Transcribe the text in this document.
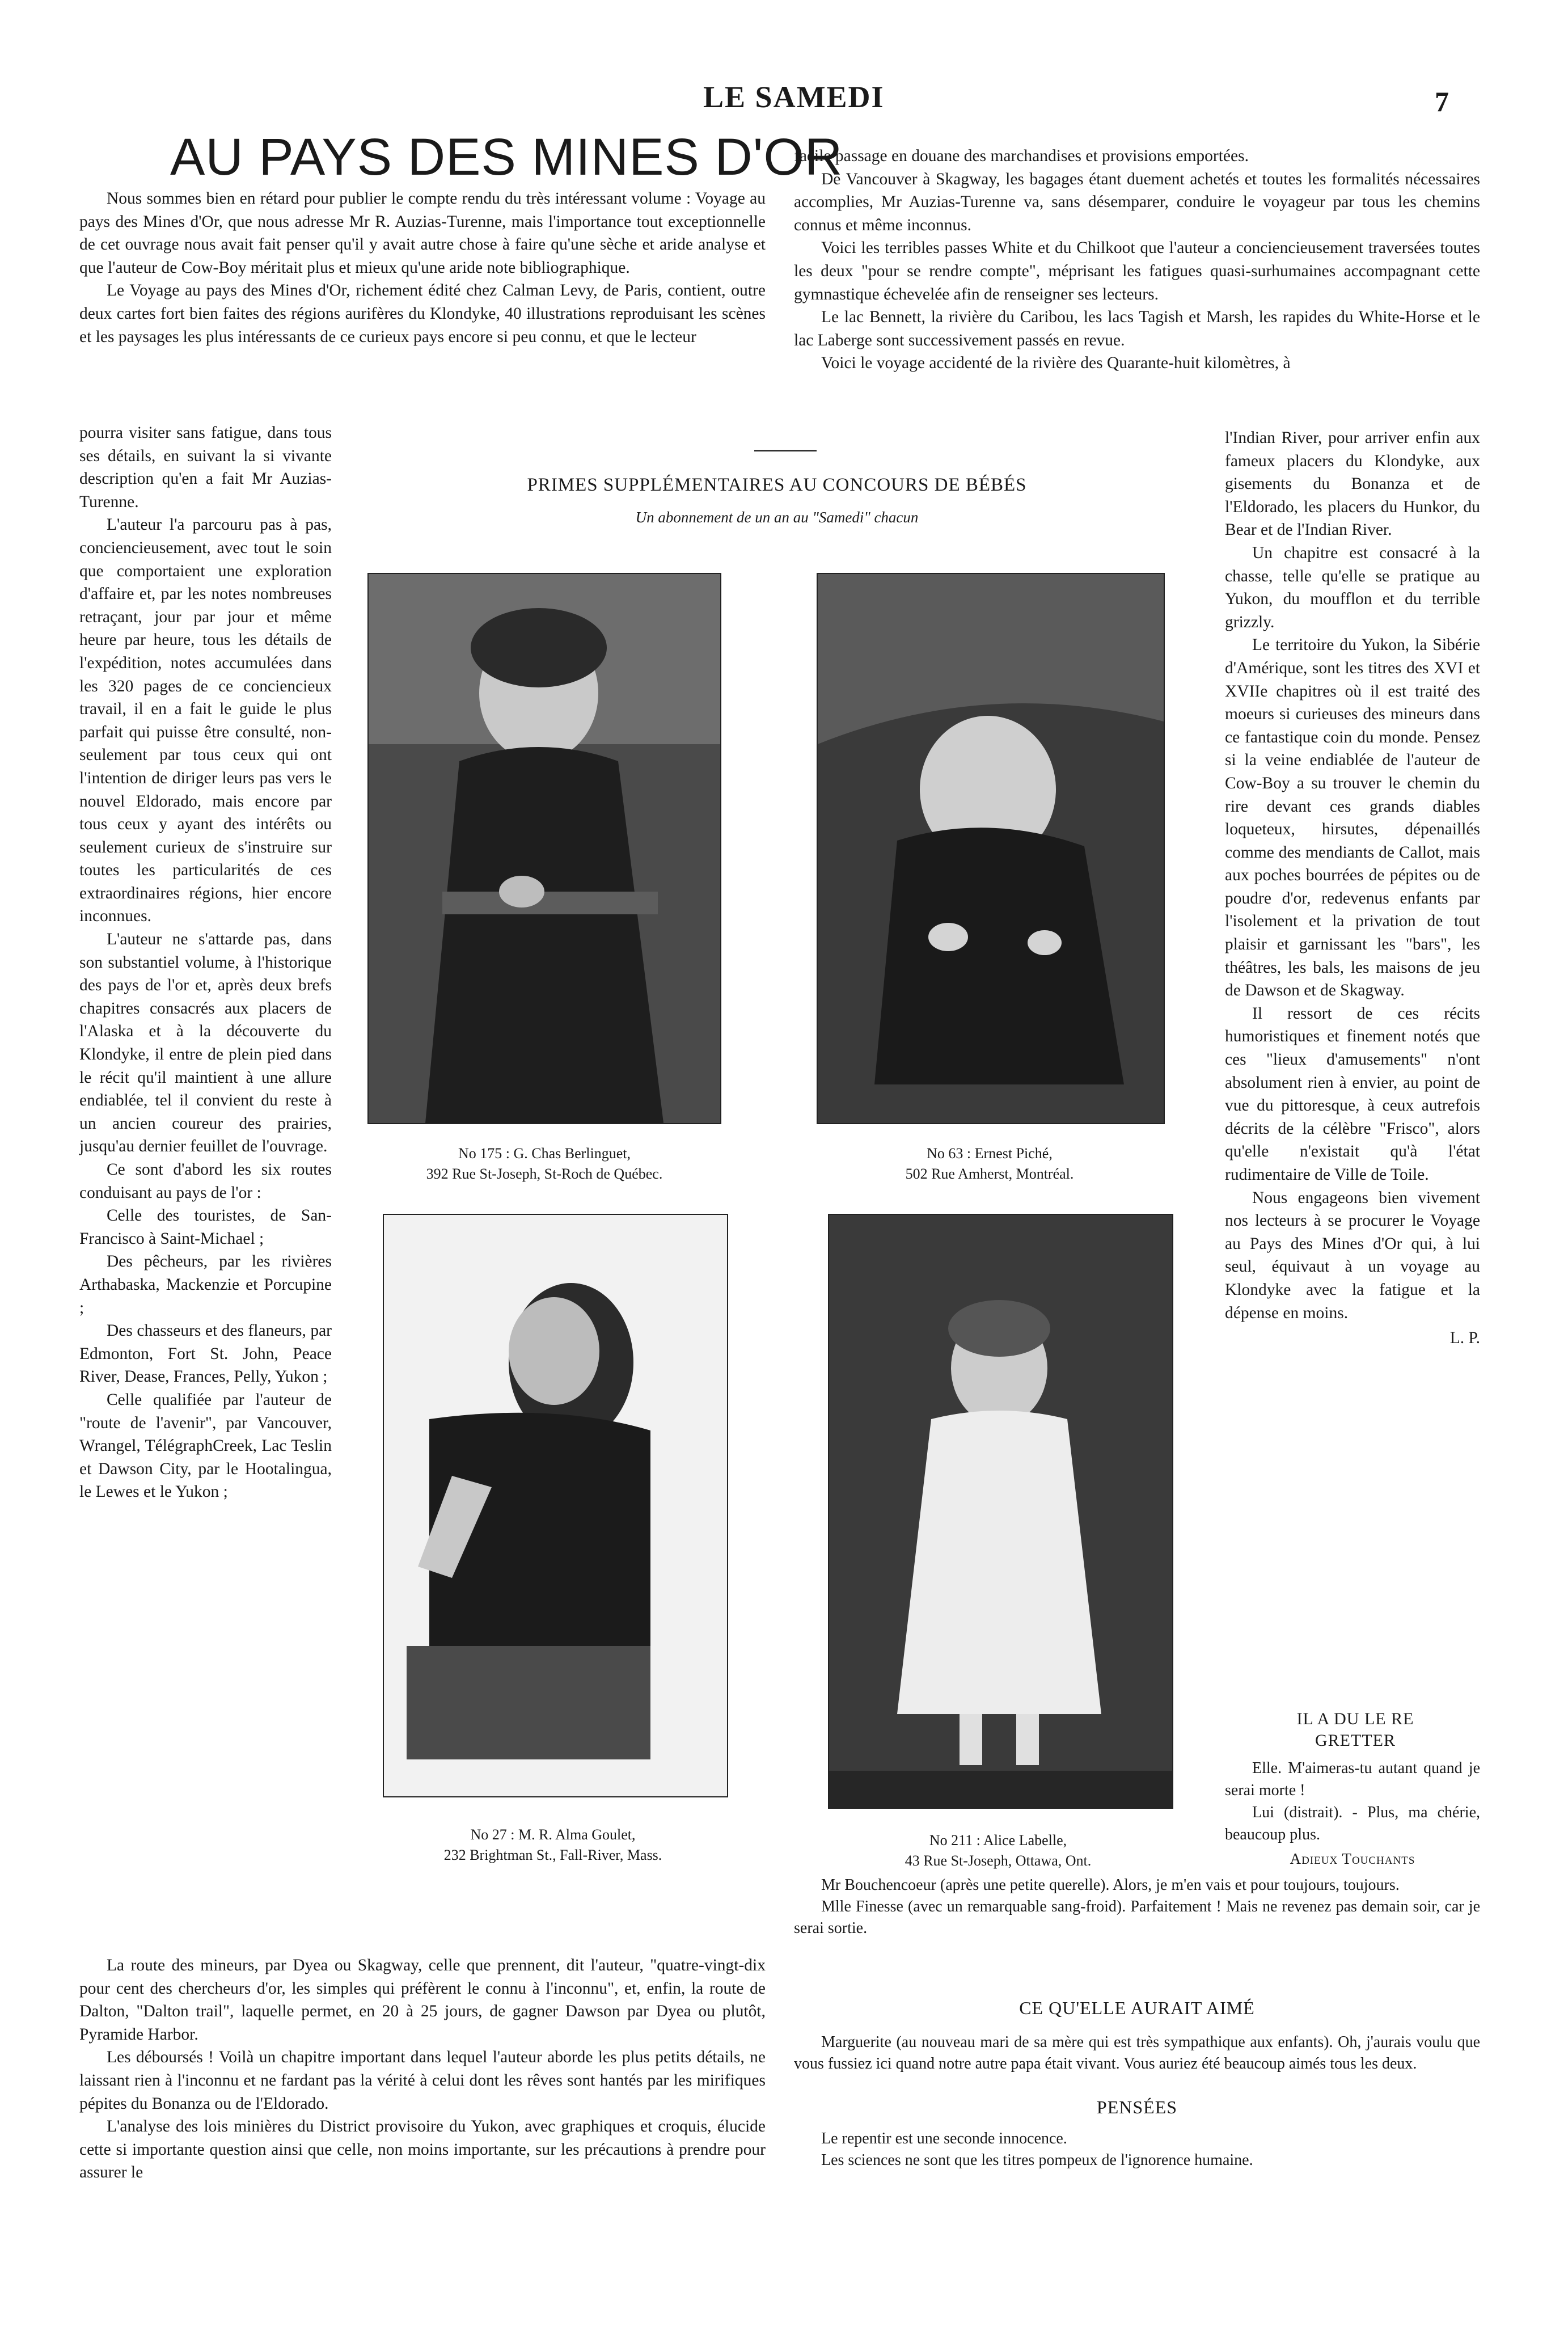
LE SAMEDI	7
AU PAYS DES MINES D'OR

Nous sommes bien en rétard pour publier le compte rendu du très intéressant volume : Voyage au pays des Mines d'Or, que nous adresse Mr R. Auzias-Turenne, mais l'importance tout exceptionnelle de cet ouvrage nous avait fait penser qu'il y avait autre chose à faire qu'une sèche et aride analyse et que l'auteur de Cow-Boy méritait plus et mieux qu'une aride note bibliographique.

Le Voyage au pays des Mines d'Or, richement édité chez Calman Levy, de Paris, contient, outre deux cartes fort bien faites des régions aurifères du Klondyke, 40 illustrations reproduisant les scènes et les paysages les plus intéressants de ce curieux pays encore si peu connu, et que le lecteur

pourra visiter sans fatigue, dans tous ses détails, en suivant la si vivante description qu'en a fait Mr Auzias-Turenne.

L'auteur l'a parcouru pas à pas, conciencieusement, avec tout le soin que comportaient une exploration d'affaire et, par les notes nombreuses retraçant, jour par jour et même heure par heure, tous les détails de l'expédition, notes accumulées dans les 320 pages de ce conciencieux travail, il en a fait le guide le plus parfait qui puisse être consulté, non-seulement par tous ceux qui ont l'intention de diriger leurs pas vers le nouvel Eldorado, mais encore par tous ceux y ayant des intérêts ou seulement curieux de s'instruire sur toutes les particularités de ces extraordinaires régions, hier encore inconnues.

L'auteur ne s'attarde pas, dans son substantiel volume, à l'historique des pays de l'or et, après deux brefs chapitres consacrés aux placers de l'Alaska et à la découverte du Klondyke, il entre de plein pied dans le récit qu'il maintient à une allure endiablée, tel il convient du reste à un ancien coureur des prairies, jusqu'au dernier feuillet de l'ouvrage.

Ce sont d'abord les six routes conduisant au pays de l'or :

Celle des touristes, de San-Francisco à Saint-Michael ;

Des pêcheurs, par les rivières Arthabaska, Mackenzie et Porcupine ;

Des chasseurs et des flaneurs, par Edmonton, Fort St. John, Peace River, Dease, Frances, Pelly, Yukon ;

Celle qualifiée par l'auteur de "route de l'avenir", par Vancouver, Wrangel, TélégraphCreek, Lac Teslin et Dawson City, par le Hootalingua, le Lewes et le Yukon ;

La route des mineurs, par Dyea ou Skagway, celle que prennent, dit l'auteur, "quatre-vingt-dix pour cent des chercheurs d'or, les simples qui préfèrent le connu à l'inconnu", et, enfin, la route de Dalton, "Dalton trail", laquelle permet, en 20 à 25 jours, de gagner Dawson par Dyea ou plutôt, Pyramide Harbor.

Les déboursés ! Voilà un chapitre important dans lequel l'auteur aborde les plus petits détails, ne laissant rien à l'inconnu et ne fardant pas la vérité à celui dont les rêves sont hantés par les mirifiques pépites du Bonanza ou de l'Eldorado.

L'analyse des lois minières du District provisoire du Yukon, avec graphiques et croquis, élucide cette si importante question ainsi que celle, non moins importante, sur les précautions à prendre pour assurer le

facile passage en douane des marchandises et provisions emportées.

De Vancouver à Skagway, les bagages étant duement achetés et toutes les formalités nécessaires accomplies, Mr Auzias-Turenne va, sans désemparer, conduire le voyageur par tous les chemins connus et même inconnus.

Voici les terribles passes White et du Chilkoot que l'auteur a conciencieusement traversées toutes les deux "pour se rendre compte", méprisant les fatigues quasi-surhumaines accompagnant cette gymnastique échevelée afin de renseigner ses lecteurs.

Le lac Bennett, la rivière du Caribou, les lacs Tagish et Marsh, les rapides du White-Horse et le lac Laberge sont successivement passés en revue.

Voici le voyage accidenté de la rivière des Quarante-huit kilomètres, à

l'Indian River, pour arriver enfin aux fameux placers du Klondyke, aux gisements du Bonanza et de l'Eldorado, les placers du Hunkor, du Bear et de l'Indian River.

Un chapitre est consacré à la chasse, telle qu'elle se pratique au Yukon, du moufflon et du terrible grizzly.

Le territoire du Yukon, la Sibérie d'Amérique, sont les titres des XVI et XVIIe chapitres où il est traité des moeurs si curieuses des mineurs dans ce fantastique coin du monde. Pensez si la veine endiablée de l'auteur de Cow-Boy a su trouver le chemin du rire devant ces grands diables loqueteux, hirsutes, dépenaillés comme des mendiants de Callot, mais aux poches bourrées de pépites ou de poudre d'or, redevenus enfants par l'isolement et la privation de tout plaisir et garnissant les "bars", les théâtres, les bals, les maisons de jeu de Dawson et de Skagway.

Il ressort de ces récits humoristiques et finement notés que ces "lieux d'amusements" n'ont absolument rien à envier, au point de vue du pittoresque, à ceux autrefois décrits de la célèbre "Frisco", alors qu'elle n'existait qu'à l'état rudimentaire de Ville de Toile.

Nous engageons bien vivement nos lecteurs à se procurer le Voyage au Pays des Mines d'Or qui, à lui seul, équivaut à un voyage au Klondyke avec la fatigue et la dépense en moins.

L. P.
PRIMES SUPPLÉMENTAIRES AU CONCOURS DE BÉBÉS
Un abonnement de un an au "Samedi" chacun
No 175 : G. Chas Berlinguet,
392 Rue St-Joseph, St-Roch de Québec.
No 63 : Ernest Piché,
502 Rue Amherst, Montréal.
No 27 : M. R. Alma Goulet,
232 Brightman St., Fall-River, Mass.
No 211 : Alice Labelle,
43 Rue St-Joseph, Ottawa, Ont.
IL A DU LE RE
GRETTER

Elle. M'aimeras-tu autant quand je serai morte !

Lui (distrait). - Plus, ma chérie, beaucoup plus.

Adieux Touchants

Mr Bouchencoeur (après une petite querelle). Alors, je m'en vais et pour toujours, toujours.

Mlle Finesse (avec un remarquable sang-froid). Parfaitement ! Mais ne revenez pas demain soir, car je serai sortie.

CE QU'ELLE AURAIT AIMÉ

Marguerite (au nouveau mari de sa mère qui est très sympathique aux enfants). Oh, j'aurais voulu que vous fussiez ici quand notre autre papa était vivant. Vous auriez été beaucoup aimés tous les deux.

PENSÉES

Le repentir est une seconde innocence.

Les sciences ne sont que les titres pompeux de l'ignorence humaine.
